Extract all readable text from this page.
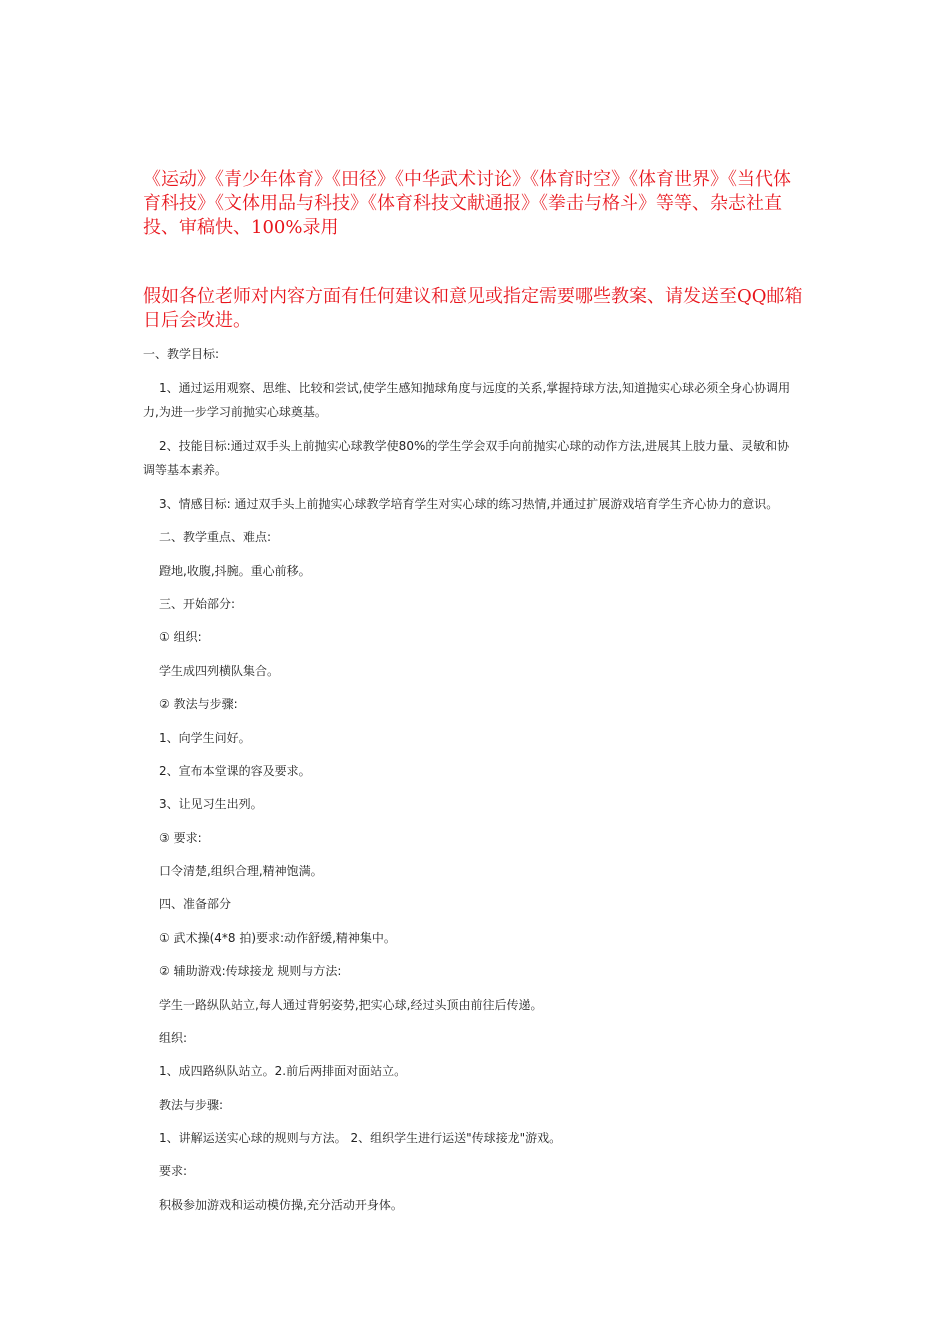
《运动》《青少年体育》《田径》《中华武术讨论》《体育时空》《体育世界》《当代体育科技》《文体用品与科技》《体育科技文献通报》《拳击与格斗》等等、杂志社直投、审稿快、100%录用

假如各位老师对内容方面有任何建议和意见或指定需要哪些教案、请发送至QQ邮箱日后会改进。

一、教学目标:

1、通过运用观察、思维、比较和尝试,使学生感知抛球角度与远度的关系,掌握持球方法,知道抛实心球必须全身心协调用力,为进一步学习前抛实心球奠基。

2、技能目标:通过双手头上前抛实心球教学使80%的学生学会双手向前抛实心球的动作方法,进展其上肢力量、灵敏和协调等基本素养。

3、情感目标: 通过双手头上前抛实心球教学培育学生对实心球的练习热情,并通过扩展游戏培育学生齐心协力的意识。

二、教学重点、难点:

蹬地,收腹,抖腕。重心前移。

三、开始部分:

① 组织:

学生成四列横队集合。

② 教法与步骤:

1、向学生问好。

2、宣布本堂课的容及要求。

3、让见习生出列。

③ 要求:

口令清楚,组织合理,精神饱满。

四、准备部分

① 武术操(4*8 拍)要求:动作舒缓,精神集中。

② 辅助游戏:传球接龙 规则与方法:

学生一路纵队站立,每人通过背躬姿势,把实心球,经过头顶由前往后传递。

组织:

1、成四路纵队站立。2.前后两排面对面站立。

教法与步骤:

1、讲解运送实心球的规则与方法。 2、组织学生进行运送"传球接龙"游戏。

要求:

积极参加游戏和运动模仿操,充分活动开身体。
